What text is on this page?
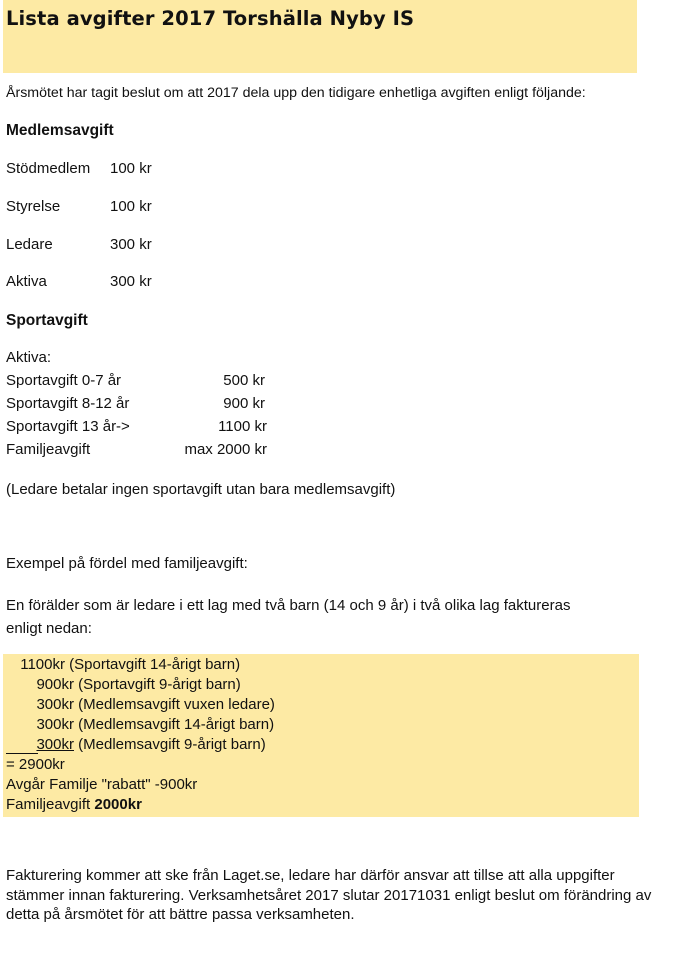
Lista avgifter 2017 Torshälla Nyby IS
Årsmötet har tagit beslut om att 2017 dela upp den tidigare enhetliga avgiften enligt följande:
Medlemsavgift
Stödmedlem 100 kr
Styrelse	100 kr
Ledare	300 kr
Aktiva	300 kr
Sportavgift
Aktiva:
Sportavgift 0-7 år	500 kr
Sportavgift 8-12 år	900 kr
Sportavgift 13 år->	1100 kr
Familjeavgift	max 2000 kr
(Ledare betalar ingen sportavgift utan bara medlemsavgift)
Exempel på fördel med familjeavgift:
En förälder som är ledare i ett lag med två barn (14 och 9 år) i två olika lag faktureras
enligt nedan:
1100kr (Sportavgift 14-årigt barn)
900kr (Sportavgift 9-årigt barn)
300kr (Medlemsavgift vuxen ledare)
300kr (Medlemsavgift 14-årigt barn)
300kr (Medlemsavgift 9-årigt barn)
= 2900kr
Avgår Familje "rabatt" -900kr
Familjeavgift 2000kr
Fakturering kommer att ske från Laget.se, ledare har därför ansvar att tillse att alla uppgifter stämmer innan fakturering. Verksamhetsåret 2017 slutar 20171031 enligt beslut om förändring av detta på årsmötet för att bättre passa verksamheten.
